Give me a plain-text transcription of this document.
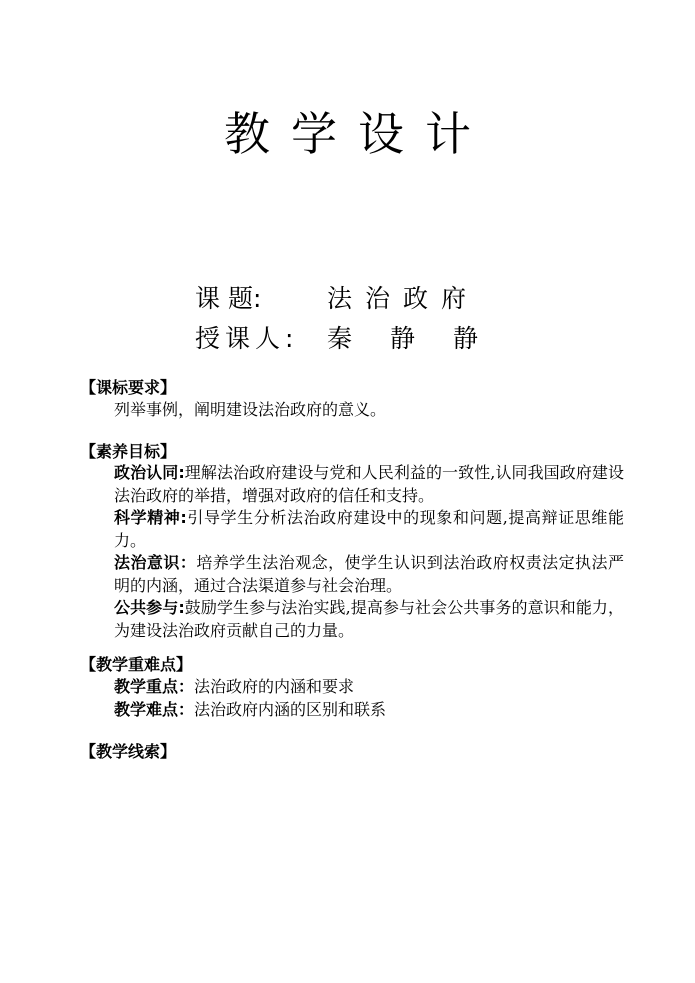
教学设计
课 题:	法治政府
授课人: 秦静静
【课标要求】
列举事例，阐明建设法治政府的意义。
【素养目标】
政治认同:理解法治政府建设与党和人民利益的一致性,认同我国政府建设法治政府的举措，增强对政府的信任和支持。
科学精神:引导学生分析法治政府建设中的现象和问题,提高辩证思维能力。
法治意识：培养学生法治观念，使学生认识到法治政府权责法定执法严明的内涵，通过合法渠道参与社会治理。
公共参与:鼓励学生参与法治实践,提高参与社会公共事务的意识和能力，为建设法治政府贡献自己的力量。
【教学重难点】
教学重点：法治政府的内涵和要求
教学难点：法治政府内涵的区别和联系
【教学线索】
